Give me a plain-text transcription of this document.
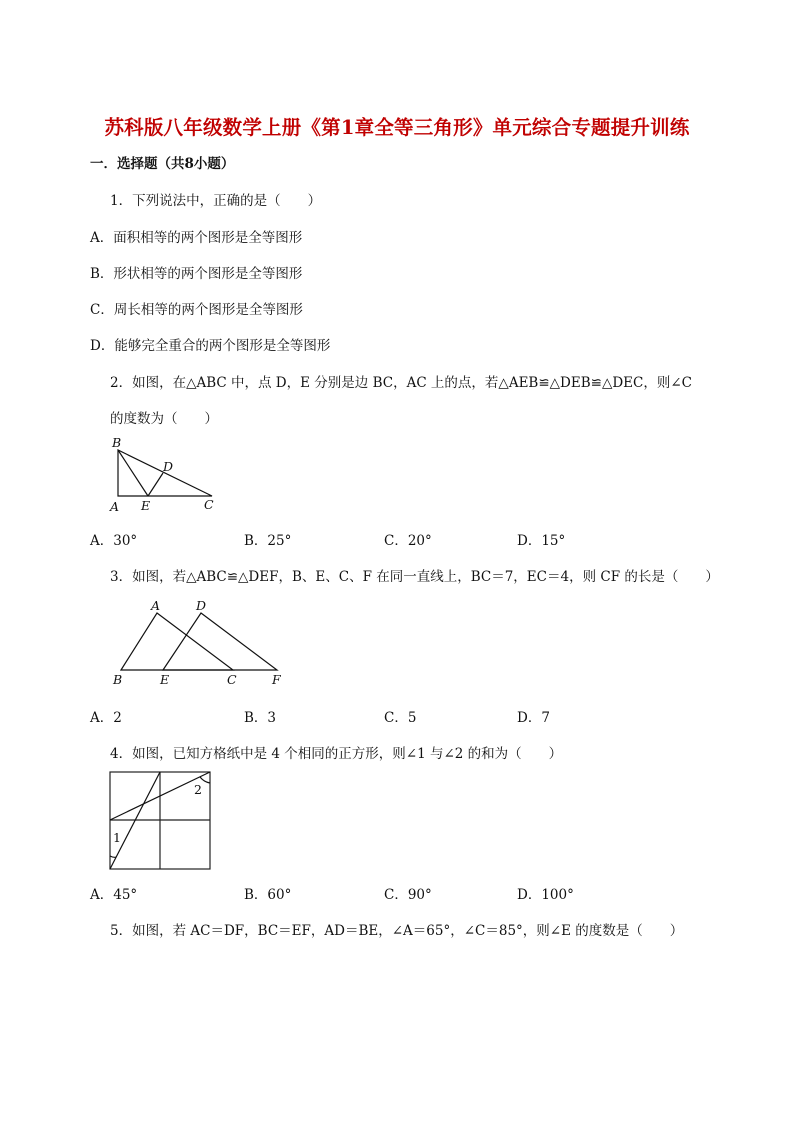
苏科版八年级数学上册《第1章全等三角形》单元综合专题提升训练
一．选择题（共8小题）
1．下列说法中，正确的是（　　）
A．面积相等的两个图形是全等图形
B．形状相等的两个图形是全等图形
C．周长相等的两个图形是全等图形
D．能够完全重合的两个图形是全等图形
2．如图，在△ABC 中，点 D，E 分别是边 BC，AC 上的点，若△AEB≌△DEB≌△DEC，则∠C
的度数为（　　）
B
D
A E	C
A．30°	B．25°	C．20°	D．15°
3．如图，若△ABC≌△DEF，B、E、C、F 在同一直线上，BC＝7，EC＝4，则 CF 的长是（　　）
A	D
B	E	C	F
A．2	B．3	C．5	D．7
4．如图，已知方格纸中是 4 个相同的正方形，则∠1 与∠2 的和为（　　）
1
2
A．45°	B．60°	C．90°	D．100°
5．如图，若 AC＝DF，BC＝EF，AD＝BE，∠A＝65°，∠C＝85°，则∠E 的度数是（　　）
